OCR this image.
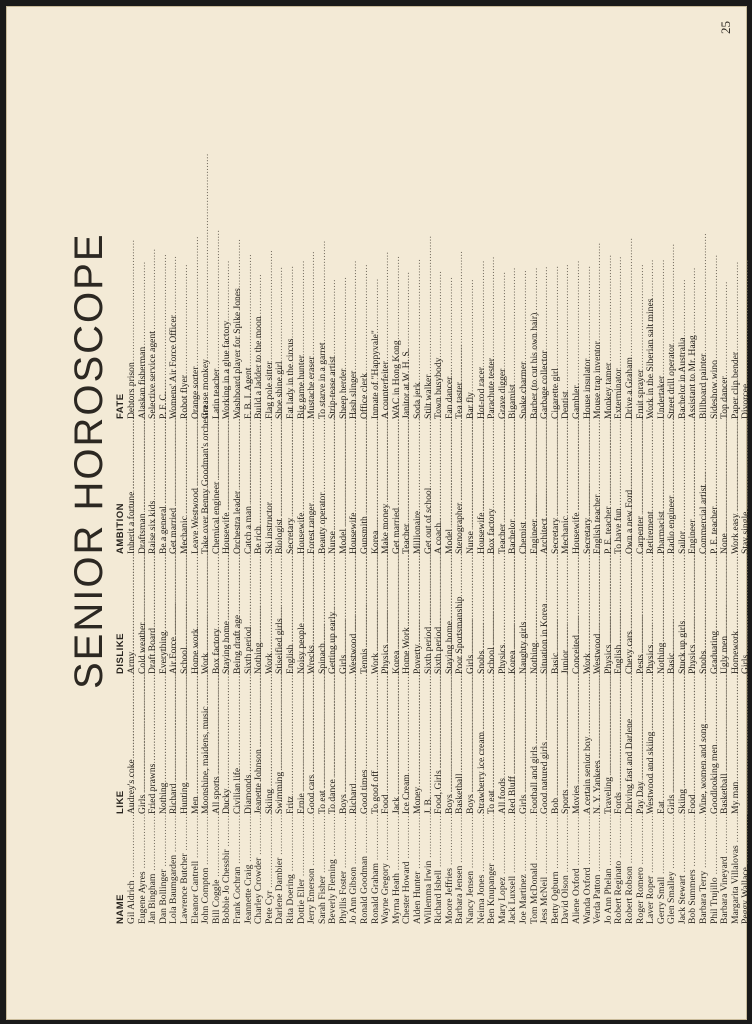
SENIOR HOROSCOPE
25
NAME Gil Aldrich ..... Eugene Ayres ..... Jan Bingham ..... Dan Bollinger ..... Lola Baumgarden ..... Lawrence Butcher ..... Eleanor Cantrell ..... John Compton ..... Bill Coggle ..... Bobbie Jo Chessbir ..... Frank Cochran ..... Jeannette Craig ..... Charley Crowder ..... Pete Cyr ..... Darlene Dambier ..... Rita Doering ..... Dottie Eller ..... Jerry Emerson ..... Sarah Fisher ..... Beverly Fleming ..... Phyllis Foster ..... Jo Ann Gibson ..... Ronald Goodman ..... Ronald Graham ..... Wayne Gregory ..... Myrna Heath ..... Chester Howard ..... Alden Hunter ..... Willemma Irwin ..... Richard Isbell ..... Moore Jeffries ..... Barbara Jensen ..... Nancy Jensen ..... Neima Jones ..... Ben Knupanger ..... Mary Lopez ..... Jack Luxsell ..... Joe Martinez ..... Tom McDonald ..... Jess McNeil ..... Betty Ogburn ..... David Olson ..... Aliene Oxford ..... Wanda Oxford ..... Verda Patton ..... Jo Ann Phelan ..... Robert Reginato ..... Robert Robson ..... Roger Romero ..... Laver Roper ..... Gerry Small ..... Glen Smalley ..... Jack Stewart ..... Bob Summers ..... Barbara Terry ..... Phil Trujillo ..... Barbara Vineyard ..... Margarita Villalovas ..... Peggy Wallace .....
LIKE Audrey's coke ..... Girls ..... Fried prawns ..... Nothing ..... Richard ..... Hunting ..... Men ..... Moonshine, maidens, music ..... All sports ..... Ducky ..... Civilian life ..... Diamonds ..... Jeanette Johnson ..... Skiing ..... Swimming ..... Fritz ..... Ernie ..... Good cars ..... To eat ..... To dance ..... Boys ..... Richard ..... Good times ..... To goof off ..... Food ..... Jack ..... Ice Cream ..... Money ..... J. B. ..... Food, Girls ..... Boys ..... Basketball ..... Boys ..... Strawberry ice cream ..... To eat ..... All foods ..... Red Bluff ..... Girls ..... Football and girls ..... Good natured girls ..... Bob ..... Sports ..... Movies ..... A certain senior boy ..... N. Y. Yankees ..... Traveling ..... Fords ..... Driving fast and Darlene ..... Pay Day ..... Westwood and skiing ..... Eat ..... Girls ..... Skiing ..... Food ..... Wine, women and song ..... Goodlooking men ..... Basketball ..... My man .....
.....
DISLIKE Army ..... Cold weather ..... Draft Board ..... Everything ..... Air Force ..... School ..... Home work ..... Work ..... Box factory ..... Staying home ..... Being draft age ..... Sixth period ..... Nothing ..... Work ..... Stiseified girls ..... English ..... Noisy people ..... Wrecks ..... Spinach ..... Getting up early ..... Girls ..... Westwood ..... Tennis ..... Work ..... Physics ..... Korea ..... Home Work ..... Poverty ..... Sixth period ..... Sixth period ..... Staying home ..... Poor Sportsmanship ..... Girls ..... Snobs ..... School ..... Physics ..... Korea ..... Naughty girls ..... Nothing ..... Situation in Korea ..... Basic ..... Junior ..... Conceited ..... Work ..... Westwood ..... Physics ..... English ..... Chevy cars ..... Pests ..... Physics ..... Nothing ..... Basic ..... Stuck up girls ..... Physics ..... Snobs ..... Graduating ..... Ugly men ..... Homework ..... Girls .....
AMBITION Inherit a fortune ..... Draftsman ..... Raise six kids ..... Be a general ..... Get married ..... Mechanic ..... Leave Westwood ..... Take over Benny Goodman's orchestra ..... Chemical engineer ..... Housewife ..... Orchestra leader ..... Catch a man ..... Be rich ..... Ski instructor ..... Biologist ..... Secretary ..... Housewife ..... Forest ranger ..... Beauty operator ..... Nurse ..... Model ..... Housewife ..... Gunsmith ..... Korea ..... Make money ..... Get married ..... Teacher ..... Millionaire ..... Get out of school ..... A coach ..... Model ..... Stenographer ..... Nurse ..... Housewife ..... Box factory ..... Teacher ..... Bachelor ..... Chemist ..... Engineer ..... Architect ..... Secretary ..... Mechanic ..... Housewife ..... Secretary ..... English teacher ..... P. E. teacher ..... To have fun ..... Own a new Ford ..... Carpenter ..... Retirement ..... Pharmacist ..... Radio engineer ..... Sailor ..... Engineer ..... Commercial artist ..... P. E. teacher ..... None ..... Work easy ..... Stay single .....
FATE Debtors prison Alaskan fisherman Selective service agent P. F. C. Womens' Air Force Officer Robot flyer Orange sorter Grease monkey Latin teacher Working in a glue factory Washboard player for Spike Jones F. B. I. Agent Build a ladder to the moon Flag pole sitter Shoe shine girl Fat lady in the circus Big game hunter Mustache eraser To starve in a garret Strip-tease artist Sheep herder Hash slinger Office clerk Inmate of "Happyvale" A counterfeiter WAC in Hong Kong Janitor at W. H. S. Soda jerk Stilt walker Town busybody Fan dancer Tea taster Bar fly Hot-rod racer Parachute tester Grave digger Bigamist Snake charmer Barber (to cut his own hair) Garbage collector Cigarette girl Dentist Gambler House insulator Mouse trap inventor Monkey tamer Exterminator Drive a Graham Fruit sprayer Work in the Siberian salt mines Undertaker Street drill operator Bachelor in Australia Assistant to Mr. Haag Billboard painter Sideshow wino Top dancer Paper clip bender Divorcee
